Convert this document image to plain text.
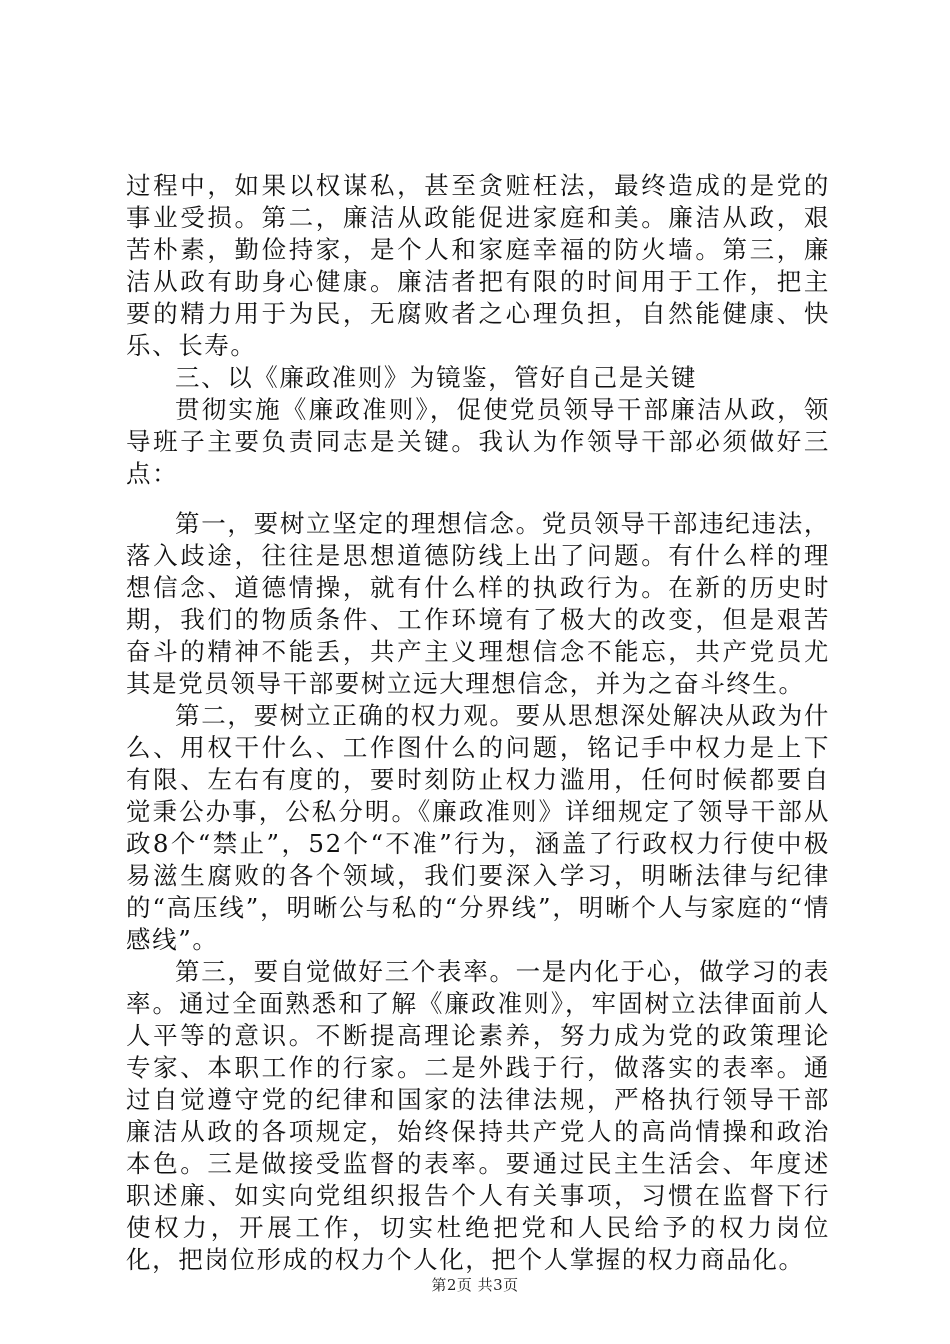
过程中，如果以权谋私，甚至贪赃枉法，最终造成的是党的事业受损。第二，廉洁从政能促进家庭和美。廉洁从政，艰苦朴素，勤俭持家，是个人和家庭幸福的防火墙。第三，廉洁从政有助身心健康。廉洁者把有限的时间用于工作，把主要的精力用于为民，无腐败者之心理负担，自然能健康、快乐、长寿。

三、以《廉政准则》为镜鉴，管好自己是关键

贯彻实施《廉政准则》，促使党员领导干部廉洁从政，领导班子主要负责同志是关键。我认为作领导干部必须做好三点：

第一，要树立坚定的理想信念。党员领导干部违纪违法，落入歧途，往往是思想道德防线上出了问题。有什么样的理想信念、道德情操，就有什么样的执政行为。在新的历史时期，我们的物质条件、工作环境有了极大的改变，但是艰苦奋斗的精神不能丢，共产主义理想信念不能忘，共产党员尤其是党员领导干部要树立远大理想信念，并为之奋斗终生。

第二，要树立正确的权力观。要从思想深处解决从政为什么、用权干什么、工作图什么的问题，铭记手中权力是上下有限、左右有度的，要时刻防止权力滥用，任何时候都要自觉秉公办事，公私分明。《廉政准则》详细规定了领导干部从政8个“禁止”，52个“不准”行为，涵盖了行政权力行使中极易滋生腐败的各个领域，我们要深入学习，明晰法律与纪律的“高压线”，明晰公与私的“分界线”，明晰个人与家庭的“情感线”。

第三，要自觉做好三个表率。一是内化于心，做学习的表率。通过全面熟悉和了解《廉政准则》，牢固树立法律面前人人平等的意识。不断提高理论素养，努力成为党的政策理论专家、本职工作的行家。二是外践于行，做落实的表率。通过自觉遵守党的纪律和国家的法律法规，严格执行领导干部廉洁从政的各项规定，始终保持共产党人的高尚情操和政治本色。三是做接受监督的表率。要通过民主生活会、年度述职述廉、如实向党组织报告个人有关事项，习惯在监督下行使权力，开展工作，切实杜绝把党和人民给予的权力岗位化，把岗位形成的权力个人化，把个人掌握的权力商品化。

第2页 共3页
